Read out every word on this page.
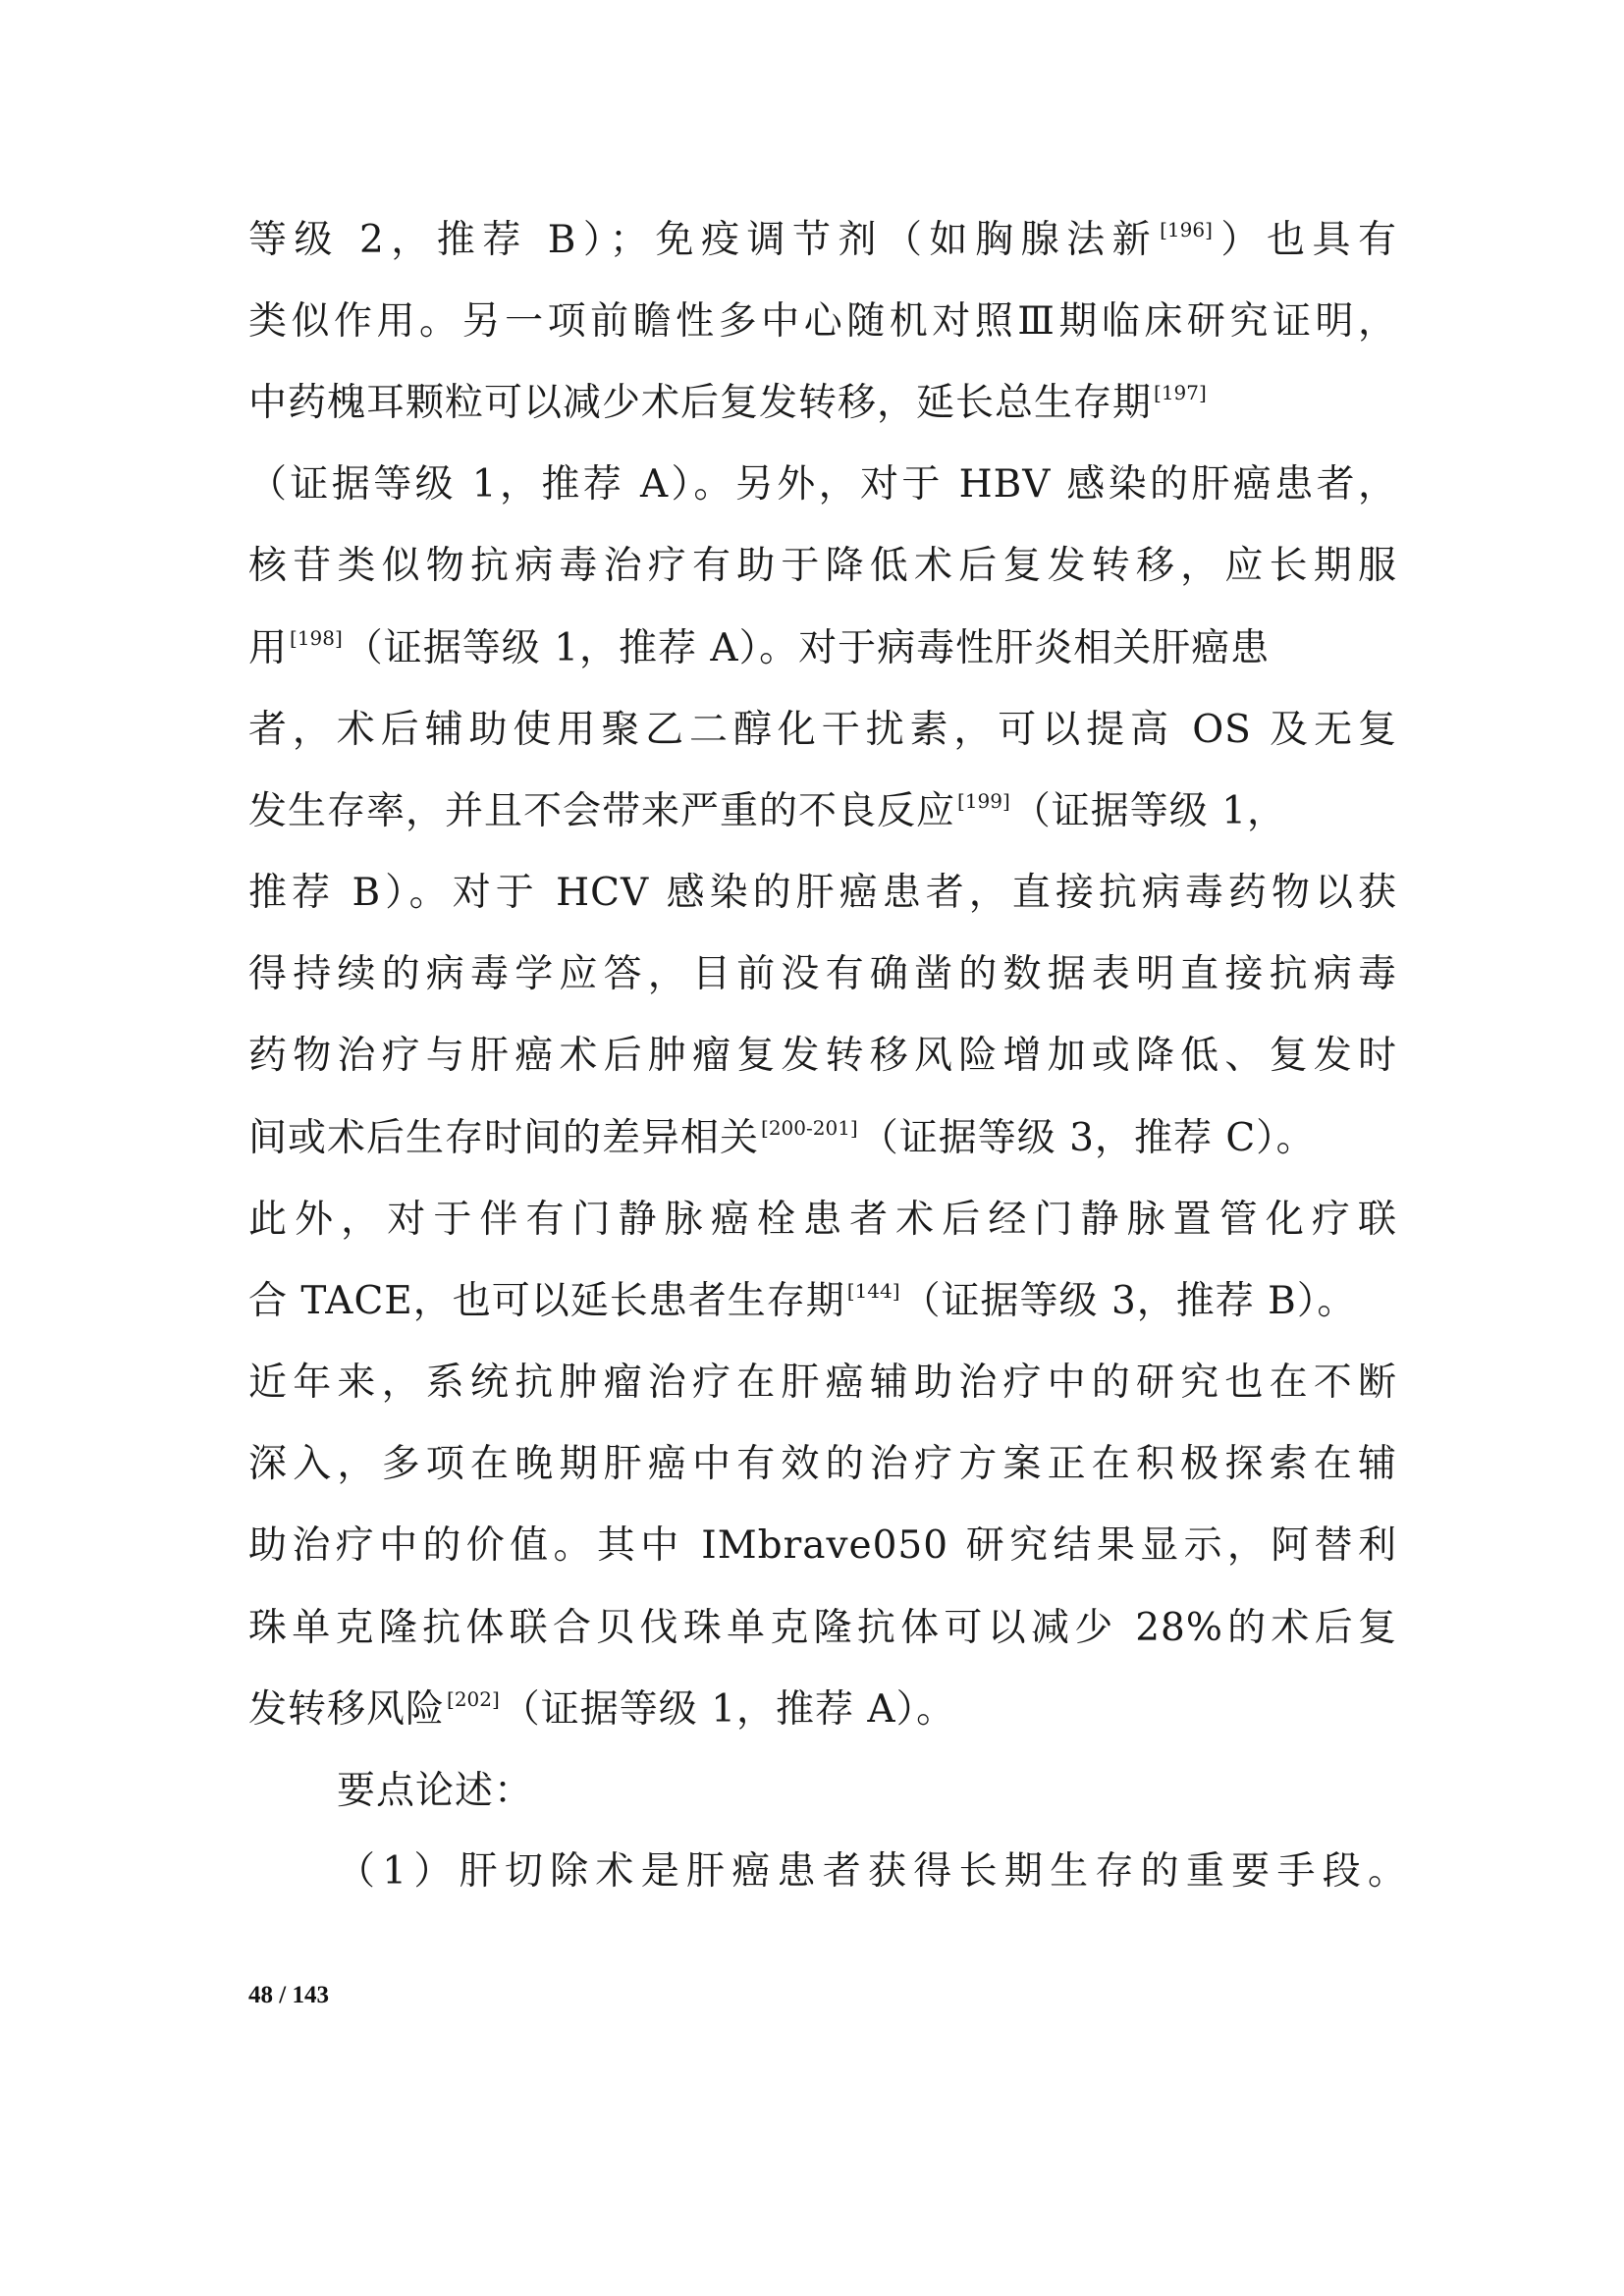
等级 2，推荐 B）；免疫调节剂（如胸腺法新 [196]）也具有
类似作用。另一项前瞻性多中心随机对照Ⅲ期临床研究证明，
中药槐耳颗粒可以减少术后复发转移，延长总生存期 [197]
（证据等级 1，推荐 A）。另外，对于 HBV 感染的肝癌患者，
核苷类似物抗病毒治疗有助于降低术后复发转移，应长期服
用 [198]（证据等级 1，推荐 A）。对于病毒性肝炎相关肝癌患
者，术后辅助使用聚乙二醇化干扰素，可以提高 OS 及无复
发生存率，并且不会带来严重的不良反应 [199]（证据等级 1，
推荐 B）。对于 HCV 感染的肝癌患者，直接抗病毒药物以获
得持续的病毒学应答，目前没有确凿的数据表明直接抗病毒
药物治疗与肝癌术后肿瘤复发转移风险增加或降低、复发时
间或术后生存时间的差异相关 [200-201]（证据等级 3，推荐 C）。
此外，对于伴有门静脉癌栓患者术后经门静脉置管化疗联
合 TACE，也可以延长患者生存期 [144]（证据等级 3，推荐 B）。
近年来，系统抗肿瘤治疗在肝癌辅助治疗中的研究也在不断
深入，多项在晚期肝癌中有效的治疗方案正在积极探索在辅
助治疗中的价值。其中 IMbrave050 研究结果显示，阿替利
珠单克隆抗体联合贝伐珠单克隆抗体可以减少 28%的术后复
发转移风险 [202]（证据等级 1，推荐 A）。
要点论述：
（1）肝切除术是肝癌患者获得长期生存的重要手段。
48 / 143
